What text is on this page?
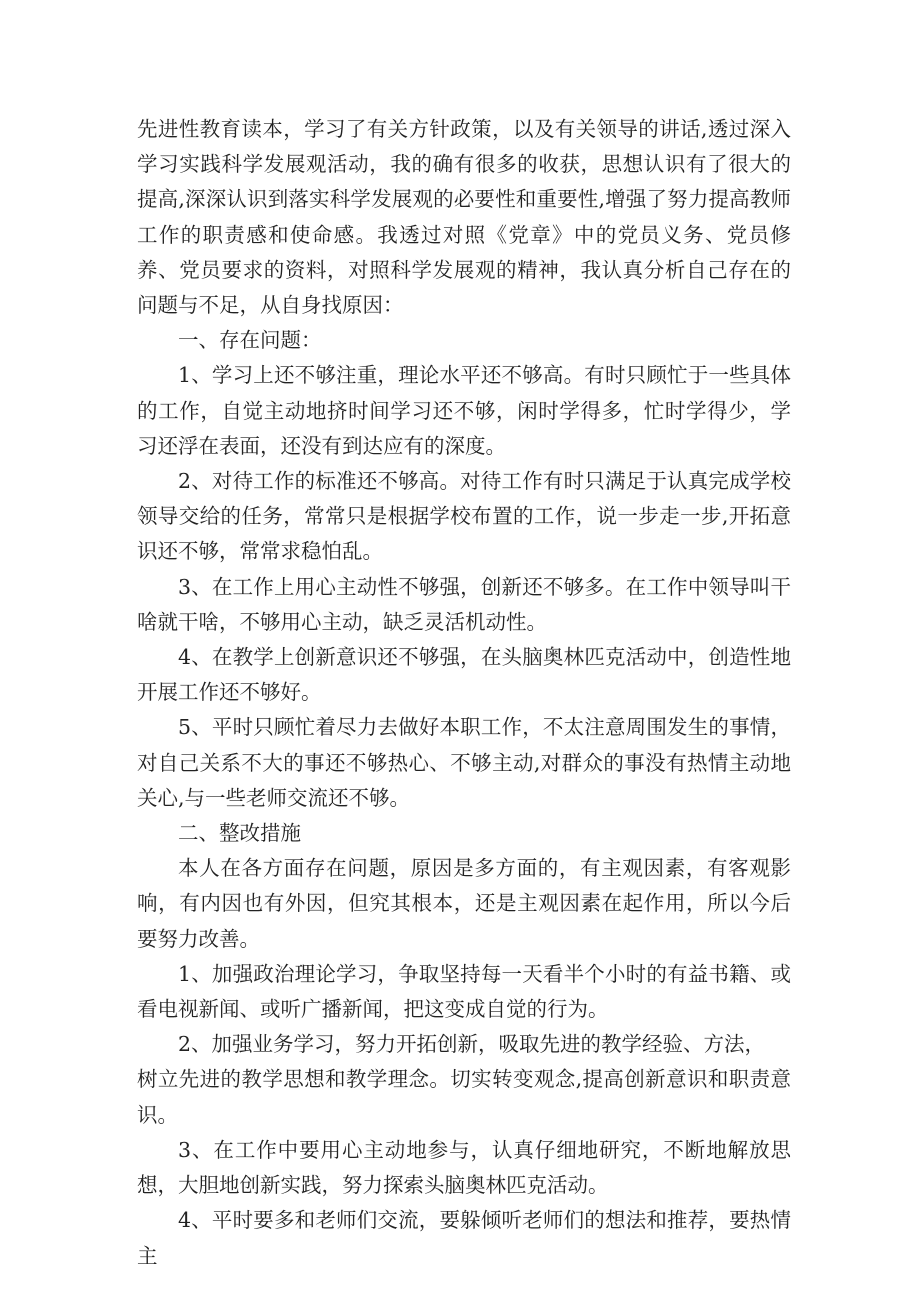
先进性教育读本，学习了有关方针政策，以及有关领导的讲话,透过深入学习实践科学发展观活动，我的确有很多的收获，思想认识有了很大的提高,深深认识到落实科学发展观的必要性和重要性,增强了努力提高教师工作的职责感和使命感。我透过对照《党章》中的党员义务、党员修养、党员要求的资料，对照科学发展观的精神，我认真分析自己存在的问题与不足，从自身找原因：

一、存在问题：

1、学习上还不够注重，理论水平还不够高。有时只顾忙于一些具体的工作，自觉主动地挤时间学习还不够，闲时学得多，忙时学得少，学习还浮在表面，还没有到达应有的深度。

2、对待工作的标准还不够高。对待工作有时只满足于认真完成学校领导交给的任务，常常只是根据学校布置的工作，说一步走一步,开拓意识还不够，常常求稳怕乱。

3、在工作上用心主动性不够强，创新还不够多。在工作中领导叫干啥就干啥，不够用心主动，缺乏灵活机动性。

4、在教学上创新意识还不够强，在头脑奥林匹克活动中，创造性地开展工作还不够好。

5、平时只顾忙着尽力去做好本职工作，不太注意周围发生的事情，对自己关系不大的事还不够热心、不够主动,对群众的事没有热情主动地关心,与一些老师交流还不够。

二、整改措施

本人在各方面存在问题，原因是多方面的，有主观因素，有客观影响，有内因也有外因，但究其根本，还是主观因素在起作用，所以今后要努力改善。

1、加强政治理论学习，争取坚持每一天看半个小时的有益书籍、或看电视新闻、或听广播新闻，把这变成自觉的行为。

2、加强业务学习，努力开拓创新，吸取先进的教学经验、方法，

树立先进的教学思想和教学理念。切实转变观念,提高创新意识和职责意识。

3、在工作中要用心主动地参与，认真仔细地研究，不断地解放思想，大胆地创新实践，努力探索头脑奥林匹克活动。

4、平时要多和老师们交流，要躲倾听老师们的想法和推荐，要热情主
